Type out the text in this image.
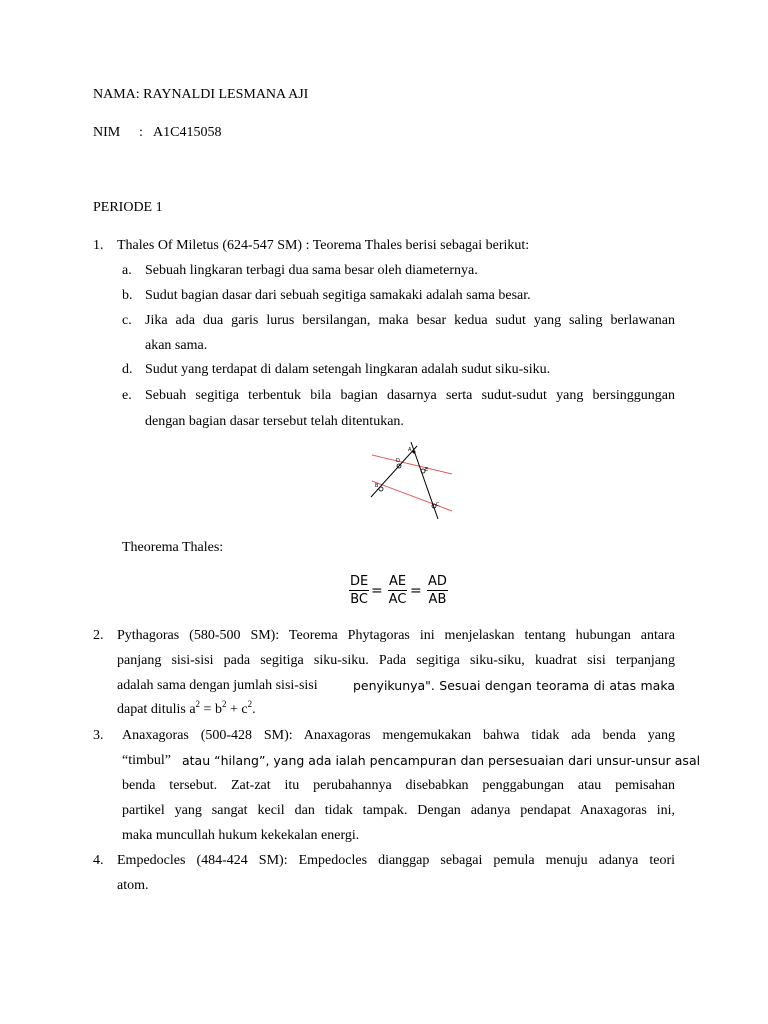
NAMA: RAYNALDI LESMANA AJI
NIM : A1C415058
PERIODE 1
1. Thales Of Miletus (624-547 SM) : Teorema Thales berisi sebagai berikut:
a. Sebuah lingkaran terbagi dua sama besar oleh diameternya.
b. Sudut bagian dasar dari sebuah segitiga samakaki adalah sama besar.
c. Jika ada dua garis lurus bersilangan, maka besar kedua sudut yang saling berlawanan
akan sama.
d. Sudut yang terdapat di dalam setengah lingkaran adalah sudut siku-siku.
e. Sebuah segitiga terbentuk bila bagian dasarnya serta sudut-sudut yang bersinggungan
dengan bagian dasar tersebut telah ditentukan.
A
D
E
B
C
Theorema Thales:
$\frac{DE}{BC} = \frac{AE}{AC} = \frac{AD}{AB}$
2. Pythagoras (580-500 SM): Teorema Phytagoras ini menjelaskan tentang hubungan antara
panjang sisi-sisi pada segitiga siku-siku. Pada segitiga siku-siku, kuadrat sisi terpanjang
adalah sama dengan jumlah sisi-sisi	penyikunya". Sesuai dengan teorama di atas maka
dapat ditulis $a^2 = b^2 + c^2$.
3. Anaxagoras (500-428 SM): Anaxagoras mengemukakan bahwa tidak ada benda yang
“timbul” atau “hilang”, yang ada ialah pencampuran dan persesuaian dari unsur-unsur asal
benda tersebut. Zat-zat itu perubahannya disebabkan penggabungan atau pemisahan
partikel yang sangat kecil dan tidak tampak. Dengan adanya pendapat Anaxagoras ini,
maka muncullah hukum kekekalan energi.
4. Empedocles (484-424 SM): Empedocles dianggap sebagai pemula menuju adanya teori
atom.
